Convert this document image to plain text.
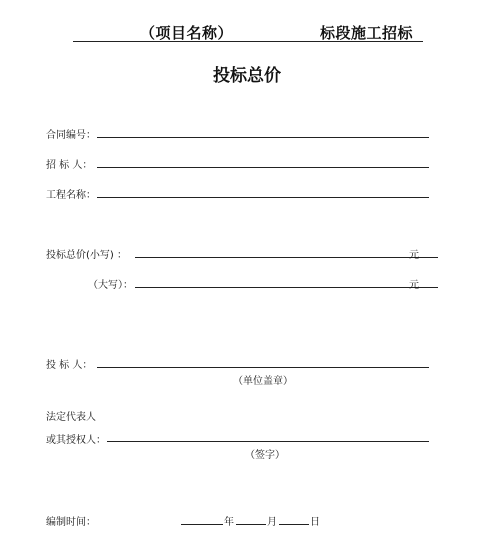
（项目名称）	标段施工招标
投标总价
合同编号：
招 标 人：
工程名称：
投标总价(小写) ：	元
（大写）：	元
投 标 人：
（单位盖章）
法定代表人
或其授权人：
（签字）
编制时间：	年	月	日
